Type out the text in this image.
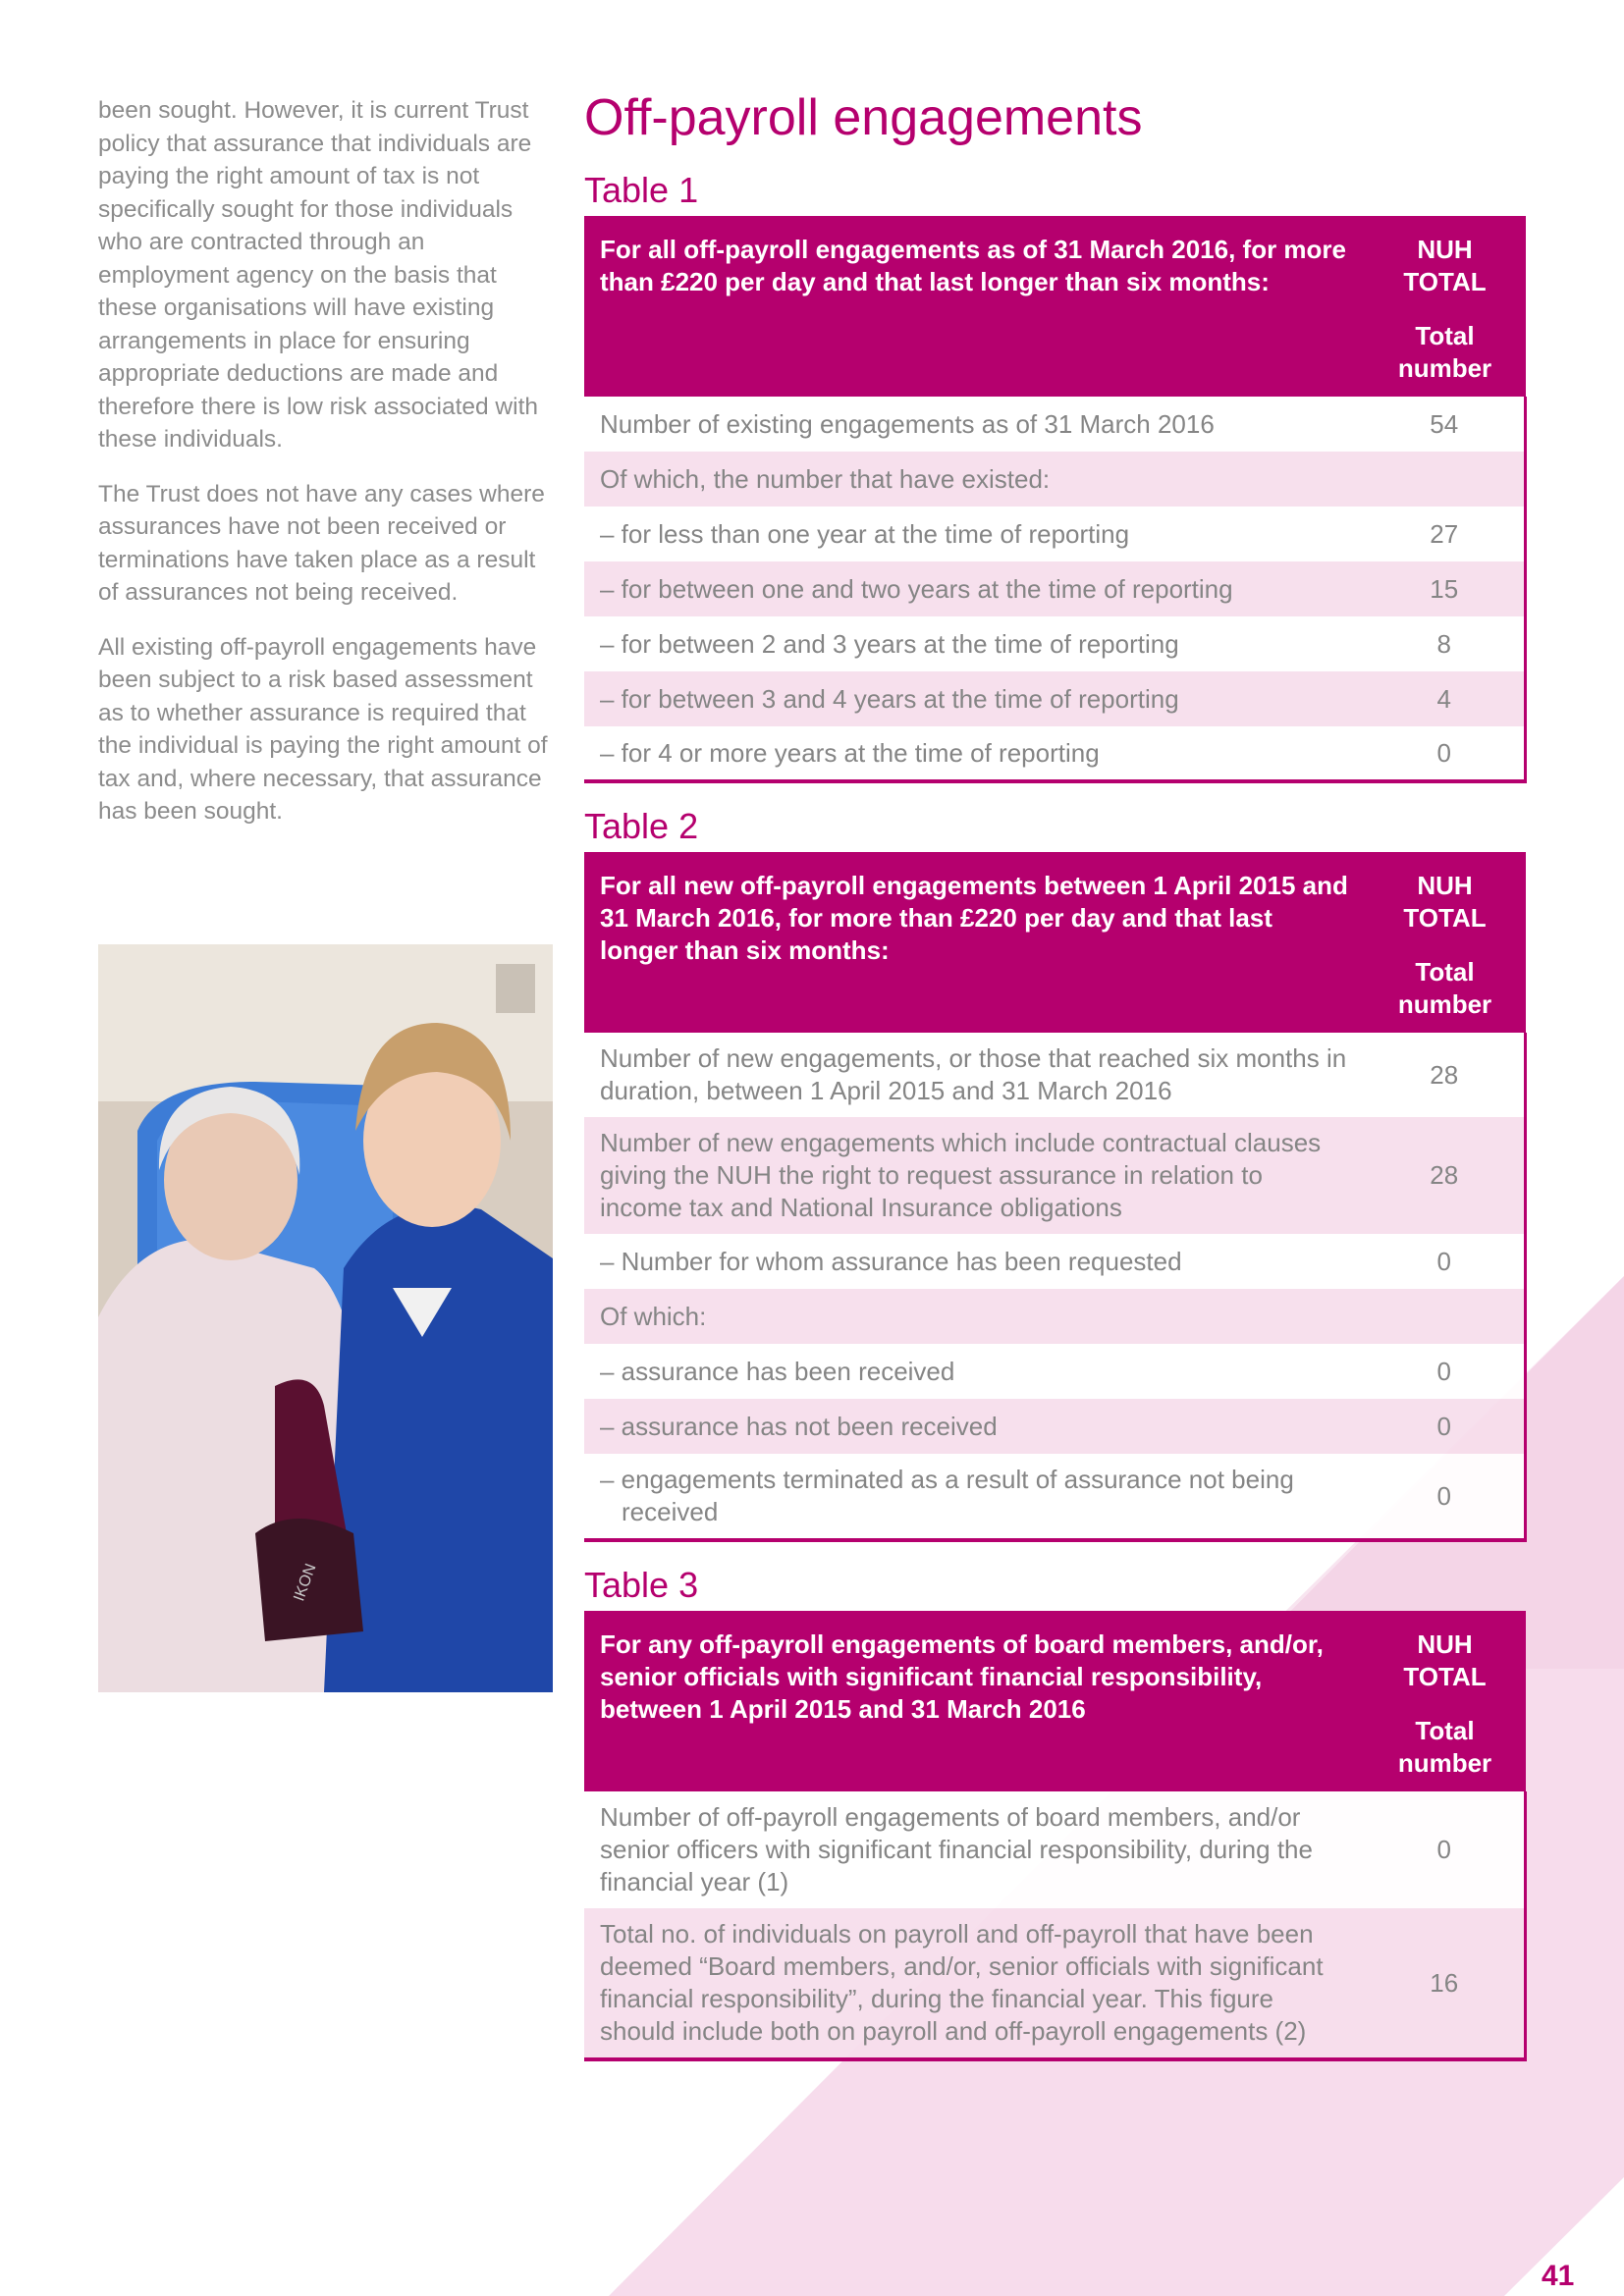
been sought. However, it is current Trust policy that assurance that individuals are paying the right amount of tax is not specifically sought for those individuals who are contracted through an employment agency on the basis that these organisations will have existing arrangements in place for ensuring appropriate deductions are made and therefore there is low risk associated with these individuals.

The Trust does not have any cases where assurances have not been received or terminations have taken place as a result of assurances not being received.

All existing off-payroll engagements have been subject to a risk based assessment as to whether assurance is required that the individual is paying the right amount of tax and, where necessary, that assurance has been sought.

IKON
Off-payroll engagements
Table 1
For all off-payroll engagements as of 31 March 2016, for more than £220 per day and that last longer than six months:	NUH
TOTAL
Total
number

Number of existing engagements as of 31 March 2016	54
Of which, the number that have existed:	
– for less than one year at the time of reporting	27
– for between one and two years at the time of reporting	15
– for between 2 and 3 years at the time of reporting	8
– for between 3 and 4 years at the time of reporting	4
– for 4 or more years at the time of reporting	0
Table 2
For all new off-payroll engagements between 1 April 2015 and 31 March 2016, for more than £220 per day and that last longer than six months:	NUH
TOTAL
Total
number

Number of new engagements, or those that reached six months in duration, between 1 April 2015 and 31 March 2016	28
Number of new engagements which include contractual clauses giving the NUH the right to request assurance in relation to income tax and National Insurance obligations	28
– Number for whom assurance has been requested	0
Of which:	
– assurance has been received	0
– assurance has not been received	0
– engagements terminated as a result of assurance not being received	0
Table 3
For any off-payroll engagements of board members, and/or, senior officials with significant financial responsibility, between 1 April 2015 and 31 March 2016	NUH
TOTAL
Total
number

Number of off-payroll engagements of board members, and/or senior officers with significant financial responsibility, during the financial year (1)	0
Total no. of individuals on payroll and off-payroll that have been deemed “Board members, and/or, senior officials with significant financial responsibility”, during the financial year. This figure should include both on payroll and off-payroll engagements (2)	16
41
